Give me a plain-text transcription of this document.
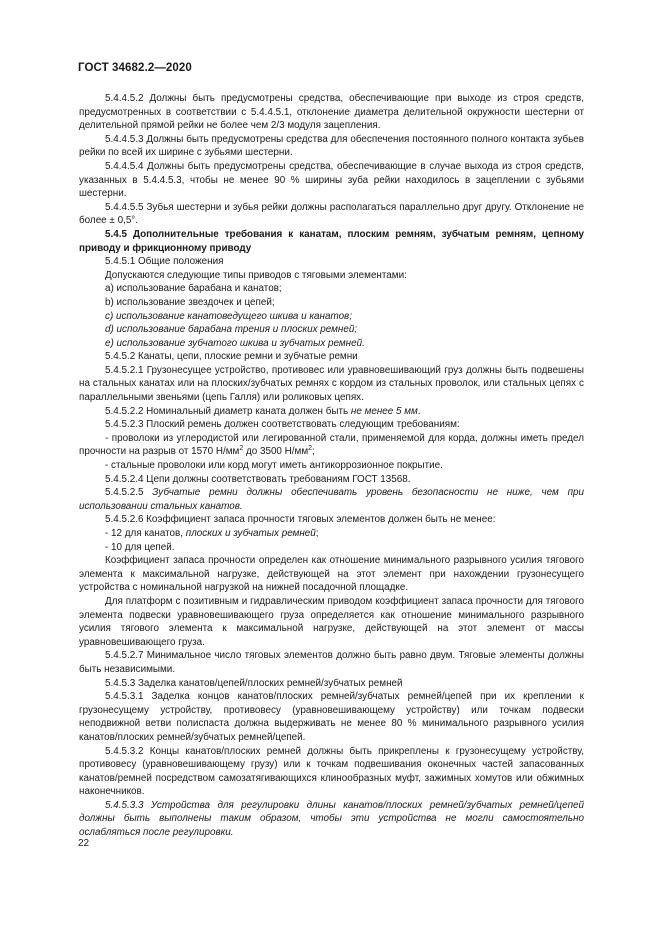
ГОСТ 34682.2—2020

5.4.4.5.2 Должны быть предусмотрены средства, обеспечивающие при выходе из строя средств, предусмотренных в соответствии с 5.4.4.5.1, отклонение диаметра делительной окружности шестерни от делительной прямой рейки не более чем 2/3 модуля зацепления.

5.4.4.5.3 Должны быть предусмотрены средства для обеспечения постоянного полного контакта зубьев рейки по всей их ширине с зубьями шестерни.

5.4.4.5.4 Должны быть предусмотрены средства, обеспечивающие в случае выхода из строя средств, указанных в 5.4.4.5.3, чтобы не менее 90 % ширины зуба рейки находилось в зацеплении с зубьями шестерни.

5.4.4.5.5 Зубья шестерни и зубья рейки должны располагаться параллельно друг другу. Отклонение не более ± 0,5°.

5.4.5 Дополнительные требования к канатам, плоским ремням, зубчатым ремням, цепному приводу и фрикционному приводу

5.4.5.1 Общие положения

Допускаются следующие типы приводов с тяговыми элементами:

а) использование барабана и канатов;

b) использование звездочек и цепей;

с) использование канатоведущего шкива и канатов;

d) использование барабана трения и плоских ремней;

е) использование зубчатого шкива и зубчатых ремней.

5.4.5.2 Канаты, цепи, плоские ремни и зубчатые ремни

5.4.5.2.1 Грузонесущее устройство, противовес или уравновешивающий груз должны быть подвешены на стальных канатах или на плоских/зубчатых ремнях с кордом из стальных проволок, или стальных цепях с параллельными звеньями (цепь Галля) или роликовых цепях.

5.4.5.2.2 Номинальный диаметр каната должен быть не менее 5 мм.

5.4.5.2.3 Плоский ремень должен соответствовать следующим требованиям:

- проволоки из углеродистой или легированной стали, применяемой для корда, должны иметь предел прочности на разрыв от 1570 $Н/мм^2$ до 3500 $Н/мм^2$;

- стальные проволоки или корд могут иметь антикоррозионное покрытие.

5.4.5.2.4 Цепи должны соответствовать требованиям ГОСТ 13568.

5.4.5.2.5 Зубчатые ремни должны обеспечивать уровень безопасности не ниже, чем при использовании стальных канатов.

5.4.5.2.6 Коэффициент запаса прочности тяговых элементов должен быть не менее:

- 12 для канатов, плоских и зубчатых ремней;

- 10 для цепей.

Коэффициент запаса прочности определен как отношение минимального разрывного усилия тягового элемента к максимальной нагрузке, действующей на этот элемент при нахождении грузонесущего устройства с номинальной нагрузкой на нижней посадочной площадке.

Для платформ с позитивным и гидравлическим приводом коэффициент запаса прочности для тягового элемента подвески уравновешивающего груза определяется как отношение минимального разрывного усилия тягового элемента к максимальной нагрузке, действующей на этот элемент от массы уравновешивающего груза.

5.4.5.2.7 Минимальное число тяговых элементов должно быть равно двум. Тяговые элементы должны быть независимыми.

5.4.5.3 Заделка канатов/цепей/плоских ремней/зубчатых ремней

5.4.5.3.1 Заделка концов канатов/плоских ремней/зубчатых ремней/цепей при их креплении к грузонесущему устройству, противовесу (уравновешивающему устройству) или точкам подвески неподвижной ветви полиспаста должна выдерживать не менее 80 % минимального разрывного усилия канатов/плоских ремней/зубчатых ремней/цепей.

5.4.5.3.2 Концы канатов/плоских ремней должны быть прикреплены к грузонесущему устройству, противовесу (уравновешивающему грузу) или к точкам подвешивания оконечных частей запасованных канатов/ремней посредством самозатягивающихся клинообразных муфт, зажимных хомутов или обжимных наконечников.

5.4.5.3.3 Устройства для регулировки длины канатов/плоских ремней/зубчатых ремней/цепей должны быть выполнены таким образом, чтобы эти устройства не могли самостоятельно ослабляться после регулировки.

22
